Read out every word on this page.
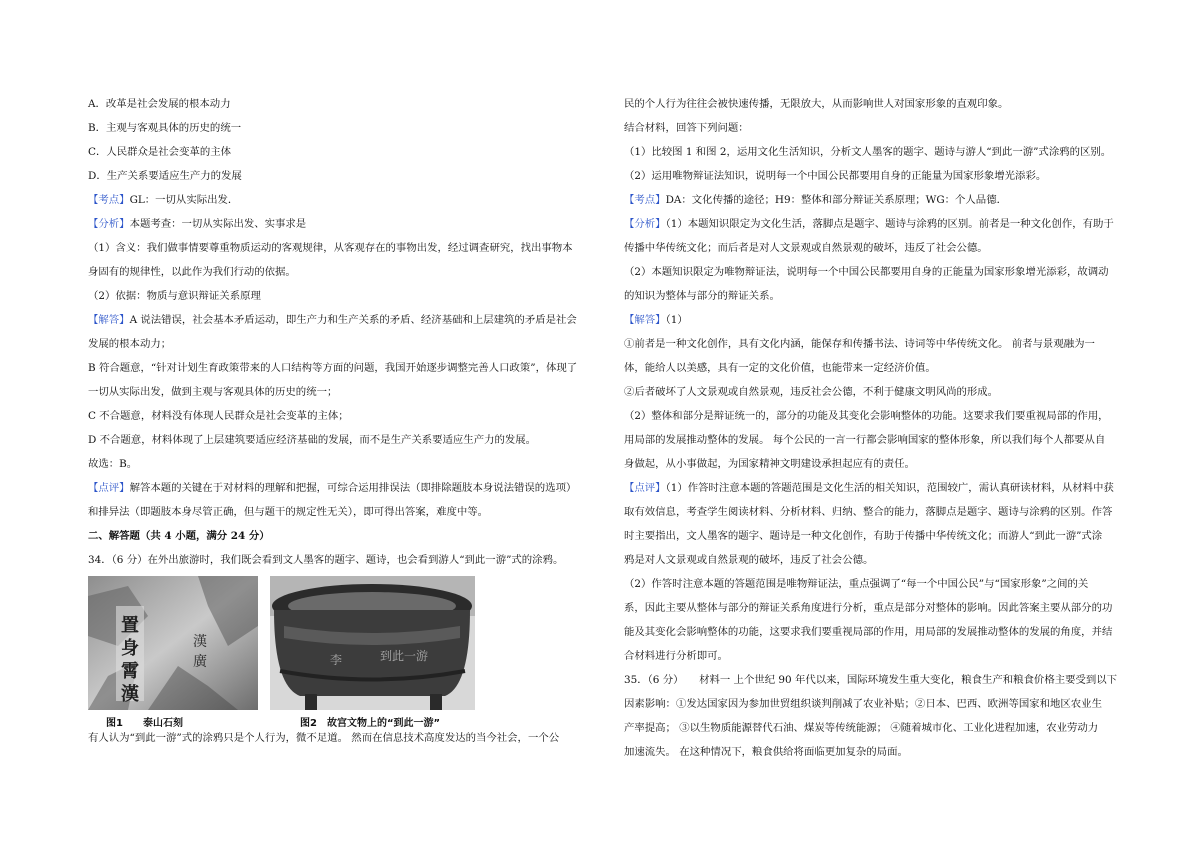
A．改革是社会发展的根本动力

B．主观与客观具体的历史的统一

C．人民群众是社会变革的主体

D．生产关系要适应生产力的发展

【考点】GL：一切从实际出发．

【分析】本题考查：一切从实际出发、实事求是

（1）含义：我们做事情要尊重物质运动的客观规律，从客观存在的事物出发，经过调查研究，找出事物本

身固有的规律性，以此作为我们行动的依据。

（2）依据：物质与意识辩证关系原理

【解答】A 说法错误，社会基本矛盾运动，即生产力和生产关系的矛盾、经济基础和上层建筑的矛盾是社会

发展的根本动力；

B 符合题意，“针对计划生育政策带来的人口结构等方面的问题，我国开始逐步调整完善人口政策”，体现了

一切从实际出发，做到主观与客观具体的历史的统一；

C 不合题意，材料没有体现人民群众是社会变革的主体；

D 不合题意，材料体现了上层建筑要适应经济基础的发展，而不是生产关系要适应生产力的发展。

故选：B。

【点评】解答本题的关键在于对材料的理解和把握，可综合运用排误法（即排除题肢本身说法错误的选项）

和排异法（即题肢本身尽管正确，但与题干的规定性无关），即可得出答案，难度中等。

二、解答题（共 4 小题，满分 24 分）

34．（6 分）在外出旅游时，我们既会看到文人墨客的题字、题诗，也会看到游人“到此一游”式的涂鸦。

置
身
霄
漢
漢
廣	李	到此一游
图1　　泰山石刻	图2　故宫文物上的“到此一游”

有人认为“到此一游”式的涂鸦只是个人行为，微不足道。 然而在信息技术高度发达的当今社会，一个公

民的个人行为往往会被快速传播，无限放大，从而影响世人对国家形象的直观印象。

结合材料，回答下列问题：

（1）比较图 1 和图 2，运用文化生活知识，分析文人墨客的题字、题诗与游人“到此一游”式涂鸦的区别。

（2）运用唯物辩证法知识，说明每一个中国公民都要用自身的正能量为国家形象增光添彩。

【考点】DA：文化传播的途径；H9：整体和部分辩证关系原理；WG：个人品德．

【分析】（1）本题知识限定为文化生活，落脚点是题字、题诗与涂鸦的区别。前者是一种文化创作，有助于

传播中华传统文化；而后者是对人文景观或自然景观的破坏，违反了社会公德。

（2）本题知识限定为唯物辩证法，说明每一个中国公民都要用自身的正能量为国家形象增光添彩，故调动

的知识为整体与部分的辩证关系。

【解答】（1）

①前者是一种文化创作，具有文化内涵，能保存和传播书法、诗词等中华传统文化。 前者与景观融为一

体，能给人以美感，具有一定的文化价值，也能带来一定经济价值。

②后者破坏了人文景观或自然景观，违反社会公德，不利于健康文明风尚的形成。

（2）整体和部分是辩证统一的，部分的功能及其变化会影响整体的功能。这要求我们要重视局部的作用，

用局部的发展推动整体的发展。 每个公民的一言一行都会影响国家的整体形象，所以我们每个人都要从自

身做起，从小事做起，为国家精神文明建设承担起应有的责任。

【点评】（1）作答时注意本题的答题范围是文化生活的相关知识，范围较广，需认真研读材料，从材料中获

取有效信息，考查学生阅读材料、分析材料、归纳、整合的能力，落脚点是题字、题诗与涂鸦的区别。作答

时主要指出，文人墨客的题字、题诗是一种文化创作，有助于传播中华传统文化；而游人“到此一游”式涂

鸦是对人文景观或自然景观的破坏，违反了社会公德。

（2）作答时注意本题的答题范围是唯物辩证法，重点强调了“每一个中国公民”与“国家形象”之间的关

系，因此主要从整体与部分的辩证关系角度进行分析，重点是部分对整体的影响。因此答案主要从部分的功

能及其变化会影响整体的功能，这要求我们要重视局部的作用，用局部的发展推动整体的发展的角度，并结

合材料进行分析即可。

35．（6 分）　　材料一 上个世纪 90 年代以来，国际环境发生重大变化，粮食生产和粮食价格主要受到以下

因素影响：①发达国家因为参加世贸组织谈判削减了农业补贴；②日本、巴西、欧洲等国家和地区农业生

产率提高； ③以生物质能源替代石油、煤炭等传统能源； ④随着城市化、工业化进程加速，农业劳动力

加速流失。 在这种情况下，粮食供给将面临更加复杂的局面。
